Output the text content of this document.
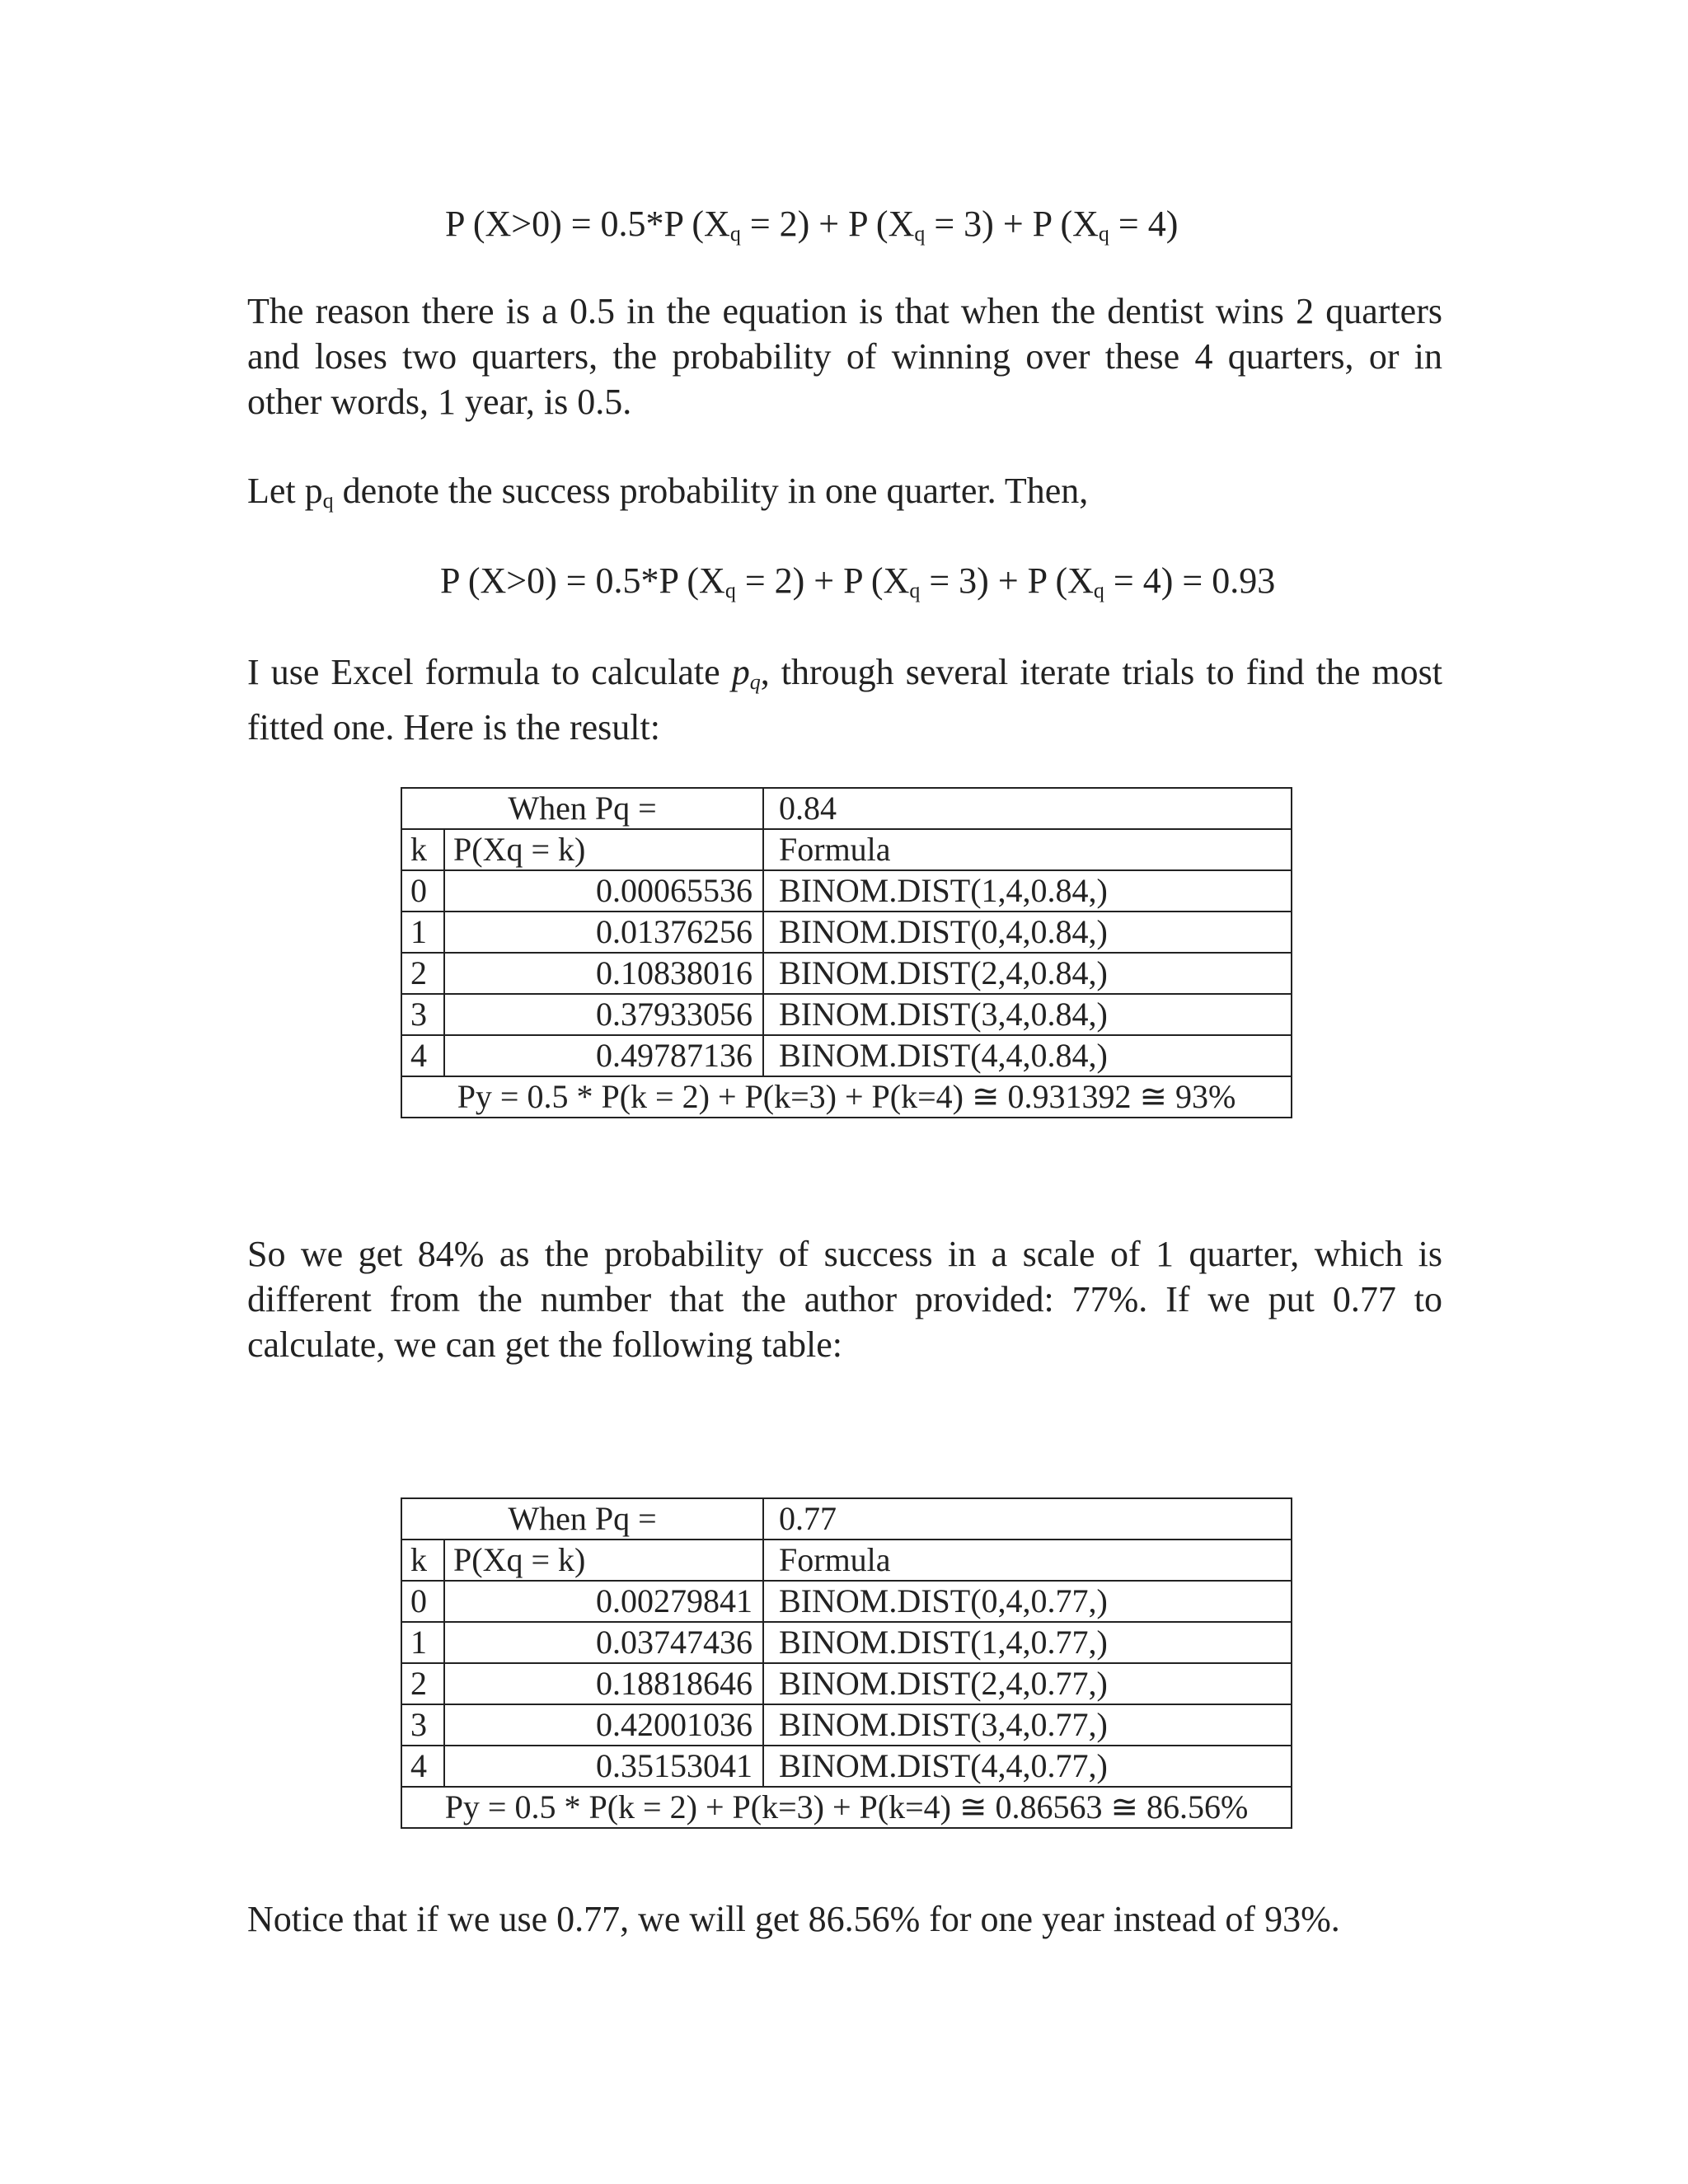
P (X>0) = 0.5*P $(X_q = 2) + P$ $(X_q = 3) + P$ $(X_q = 4)$
The reason there is a 0.5 in the equation is that when the dentist wins 2 quarters and loses two quarters, the probability of winning over these 4 quarters, or in other words, 1 year, is 0.5.
Let $p_q$ denote the success probability in one quarter. Then,
P (X>0) = 0.5*P $(X_q = 2) + P$ $(X_q = 3) + P$ $(X_q = 4) = 0.93$
I use Excel formula to calculate $p_q$, through several iterate trials to find the most fitted one. Here is the result:
When Pq =		0.84
k	P(Xq = k)	Formula
0	0.00065536	BINOM.DIST(1,4,0.84,)
1	0.01376256	BINOM.DIST(0,4,0.84,)
2	0.10838016	BINOM.DIST(2,4,0.84,)
3	0.37933056	BINOM.DIST(3,4,0.84,)
4	0.49787136	BINOM.DIST(4,4,0.84,)
Py = 0.5 * P(k = 2) + P(k=3) + P(k=4) ≅ 0.931392 ≅ 93%		
So we get 84% as the probability of success in a scale of 1 quarter, which is different from the number that the author provided: 77%. If we put 0.77 to calculate, we can get the following table:
When Pq =		0.77
k	P(Xq = k)	Formula
0	0.00279841	BINOM.DIST(0,4,0.77,)
1	0.03747436	BINOM.DIST(1,4,0.77,)
2	0.18818646	BINOM.DIST(2,4,0.77,)
3	0.42001036	BINOM.DIST(3,4,0.77,)
4	0.35153041	BINOM.DIST(4,4,0.77,)
Py = 0.5 * P(k = 2) + P(k=3) + P(k=4) ≅ 0.86563 ≅ 86.56%		
Notice that if we use 0.77, we will get 86.56% for one year instead of 93%.
